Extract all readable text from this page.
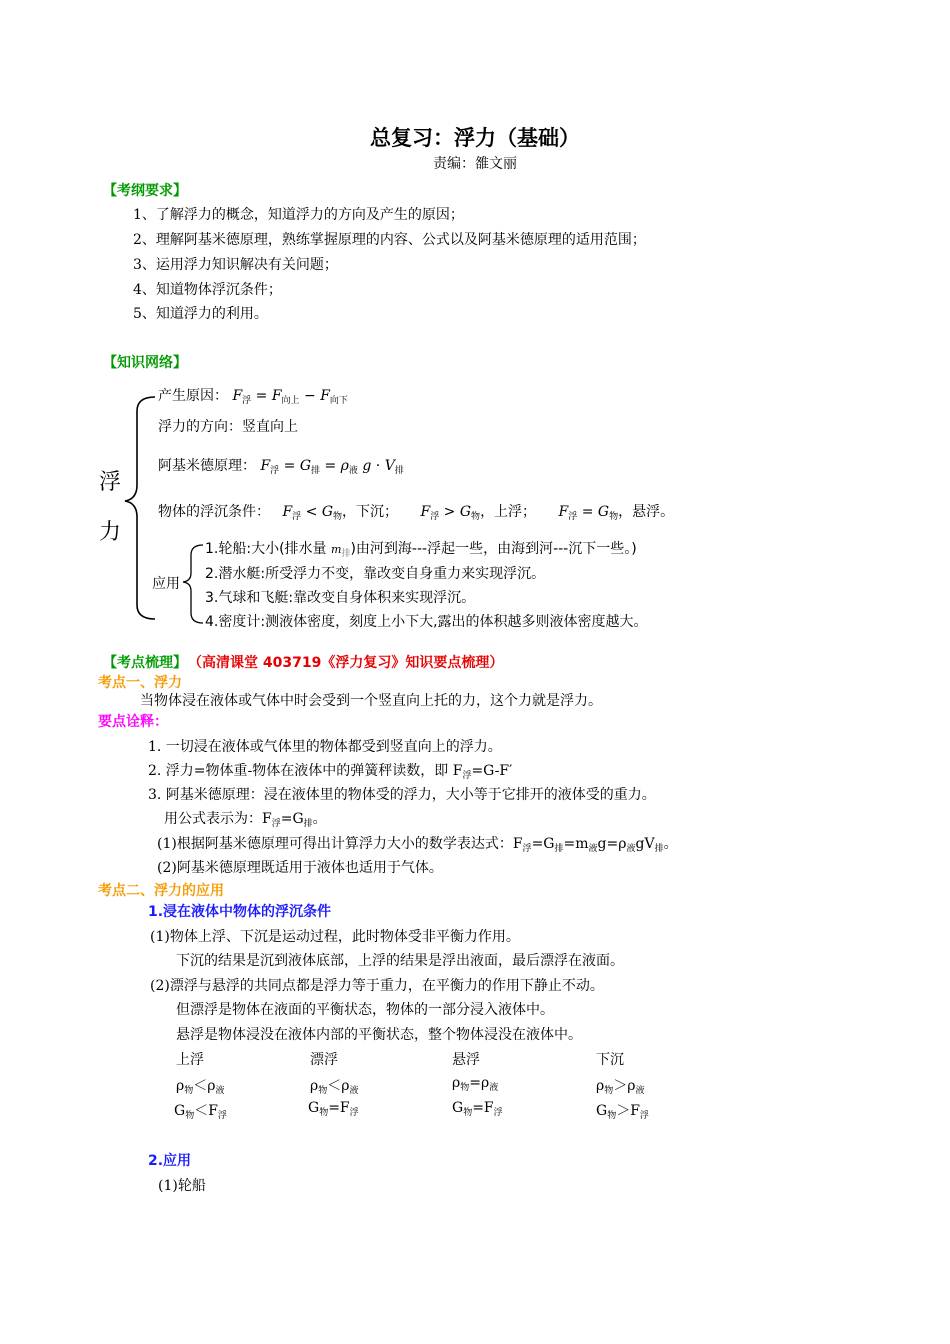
总复习：浮力（基础）
责编：雒文丽
【考纲要求】
1、了解浮力的概念，知道浮力的方向及产生的原因；
2、理解阿基米德原理，熟练掌握原理的内容、公式以及阿基米德原理的适用范围；
3、运用浮力知识解决有关问题；
4、知道物体浮沉条件；
5、知道浮力的利用。
【知识网络】
浮
力
产生原因： $F_浮 = F_{向上} - F_{向下}$
浮力的方向：竖直向上
阿基米德原理： $F_浮 = G_排 = \rho_液$ $g \cdot V_排$
物体的浮沉条件： $F_浮 < G_物$，下沉； $F_浮 > G_物$，上浮； $F_浮 = G_物$，悬浮。
应用
1.轮船:大小(排水量 $m_排$)由河到海---浮起一些，由海到河---沉下一些。)
2.潜水艇:所受浮力不变，靠改变自身重力来实现浮沉。
3.气球和飞艇:靠改变自身体积来实现浮沉。
4.密度计:测液体密度，刻度上小下大,露出的体积越多则液体密度越大。
【考点梳理】 （高清课堂 403719《浮力复习》知识要点梳理）
考点一、浮力
当物体浸在液体或气体中时会受到一个竖直向上托的力，这个力就是浮力。
要点诠释：
1. 一切浸在液体或气体里的物体都受到竖直向上的浮力。
2. 浮力=物体重-物体在液体中的弹簧秤读数，即 $F_浮=G-F'$
3. 阿基米德原理：浸在液体里的物体受的浮力，大小等于它排开的液体受的重力。
用公式表示为：$F_浮=G_排$。
(1)根据阿基米德原理可得出计算浮力大小的数学表达式：$F_浮=G_排=m_液g=\rho_液gV_排$。
(2)阿基米德原理既适用于液体也适用于气体。
考点二、浮力的应用
1.浸在液体中物体的浮沉条件
(1)物体上浮、下沉是运动过程，此时物体受非平衡力作用。
下沉的结果是沉到液体底部，上浮的结果是浮出液面，最后漂浮在液面。
(2)漂浮与悬浮的共同点都是浮力等于重力，在平衡力的作用下静止不动。
但漂浮是物体在液面的平衡状态，物体的一部分浸入液体中。
悬浮是物体浸没在液体内部的平衡状态，整个物体浸没在液体中。
上浮	漂浮	悬浮	下沉
$\rho_物<\rho_液$	$\rho_物<\rho_液$	$\rho_物=\rho_液$	$\rho_物>\rho_液$
$G_物<F_浮$	$G_物=F_浮$	$G_物=F_浮$	$G_物>F_浮$
2.应用
(1)轮船
